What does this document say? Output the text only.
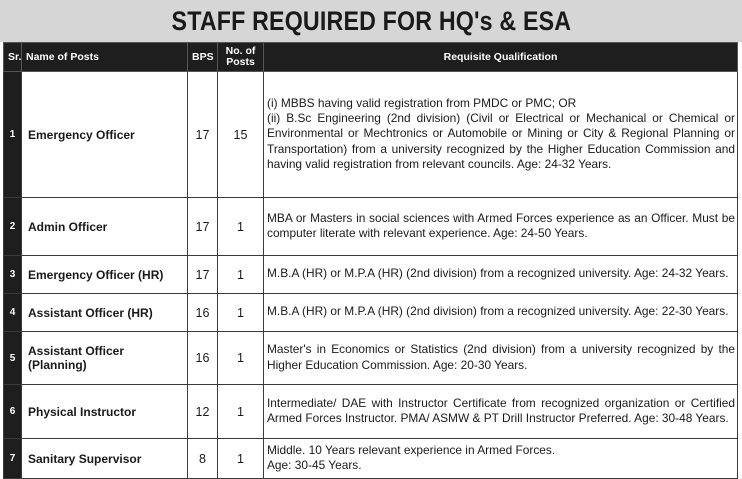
STAFF REQUIRED FOR HQ's & ESA
Sr.	Name of Posts	BPS	No. of Posts	Requisite Qualification
1	Emergency Officer	17	15	(i) MBBS having valid registration from PMDC or PMC; OR
(ii) B.Sc Engineering (2nd division) (Civil or Electrical or Mechanical or Chemical or Environmental or Mechtronics or Automobile or Mining or City & Regional Planning or Transportation) from a university recognized by the Higher Education Commission and having valid registration from relevant councils. Age: 24-32 Years.
2	Admin Officer	17	1	MBA or Masters in social sciences with Armed Forces experience as an Officer. Must be computer literate with relevant experience. Age: 24-50 Years.
3	Emergency Officer (HR)	17	1	M.B.A (HR) or M.P.A (HR) (2nd division) from a recognized university. Age: 24-32 Years.
4	Assistant Officer (HR)	16	1	M.B.A (HR) or M.P.A (HR) (2nd division) from a recognized university. Age: 22-30 Years.
5	Assistant Officer (Planning)	16	1	Master's in Economics or Statistics (2nd division) from a university recognized by the Higher Education Commission. Age: 20-30 Years.
6	Physical Instructor	12	1	Intermediate/ DAE with Instructor Certificate from recognized organization or Certified Armed Forces Instructor. PMA/ ASMW & PT Drill Instructor Preferred. Age: 30-48 Years.
7	Sanitary Supervisor	8	1	Middle. 10 Years relevant experience in Armed Forces.
Age: 30-45 Years.
